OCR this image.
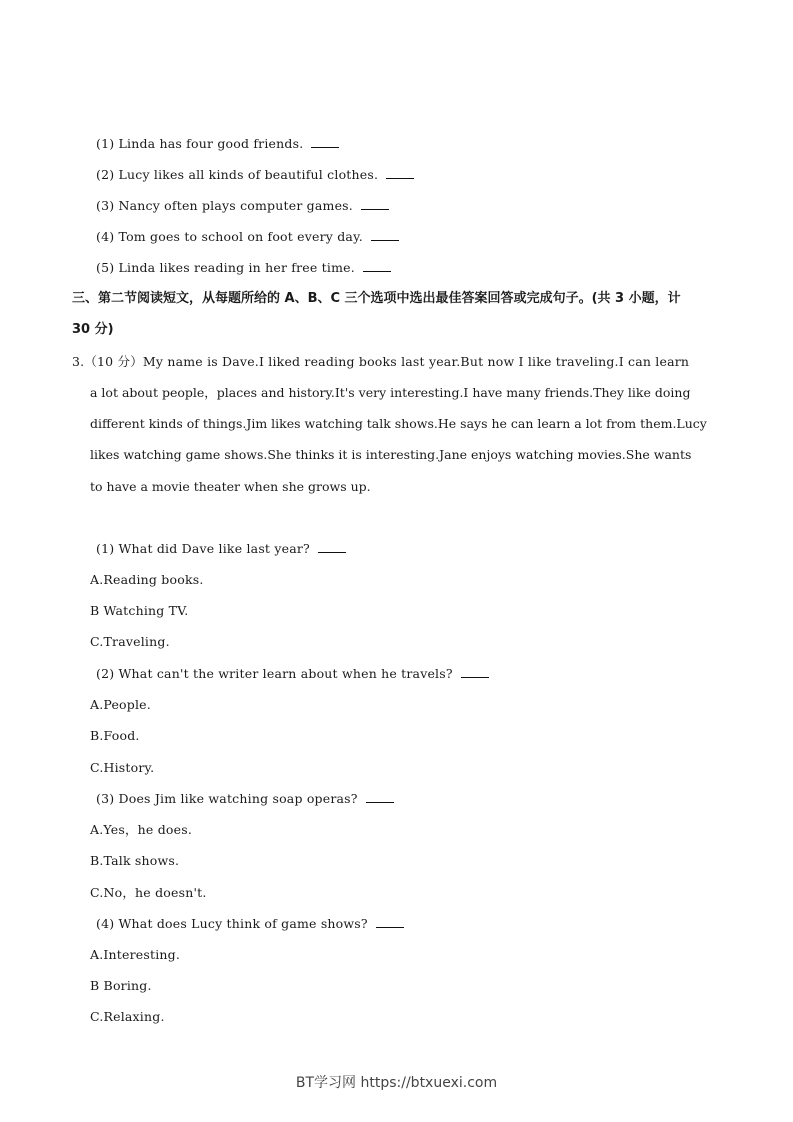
(1) Linda has four good friends.
(2) Lucy likes all kinds of beautiful clothes.
(3) Nancy often plays computer games.
(4) Tom goes to school on foot every day.
(5) Linda likes reading in her free time.
三、第二节阅读短文，从每题所给的 A、B、C 三个选项中选出最佳答案回答或完成句子。(共 3 小题，计
30 分)
3.（10 分）My name is Dave.I liked reading books last year.But now I like traveling.I can learn
a lot about people，places and history.It's very interesting.I have many friends.They like doing
different kinds of things.Jim likes watching talk shows.He says he can learn a lot from them.Lucy
likes watching game shows.She thinks it is interesting.Jane enjoys watching movies.She wants
to have a movie theater when she grows up.
(1) What did Dave like last year?
A.Reading books.
B Watching TV.
C.Traveling.
(2) What can't the writer learn about when he travels?
A.People.
B.Food.
C.History.
(3) Does Jim like watching soap operas?
A.Yes，he does.
B.Talk shows.
C.No，he doesn't.
(4) What does Lucy think of game shows?
A.Interesting.
B Boring.
C.Relaxing.
BT学习网 https://btxuexi.com
